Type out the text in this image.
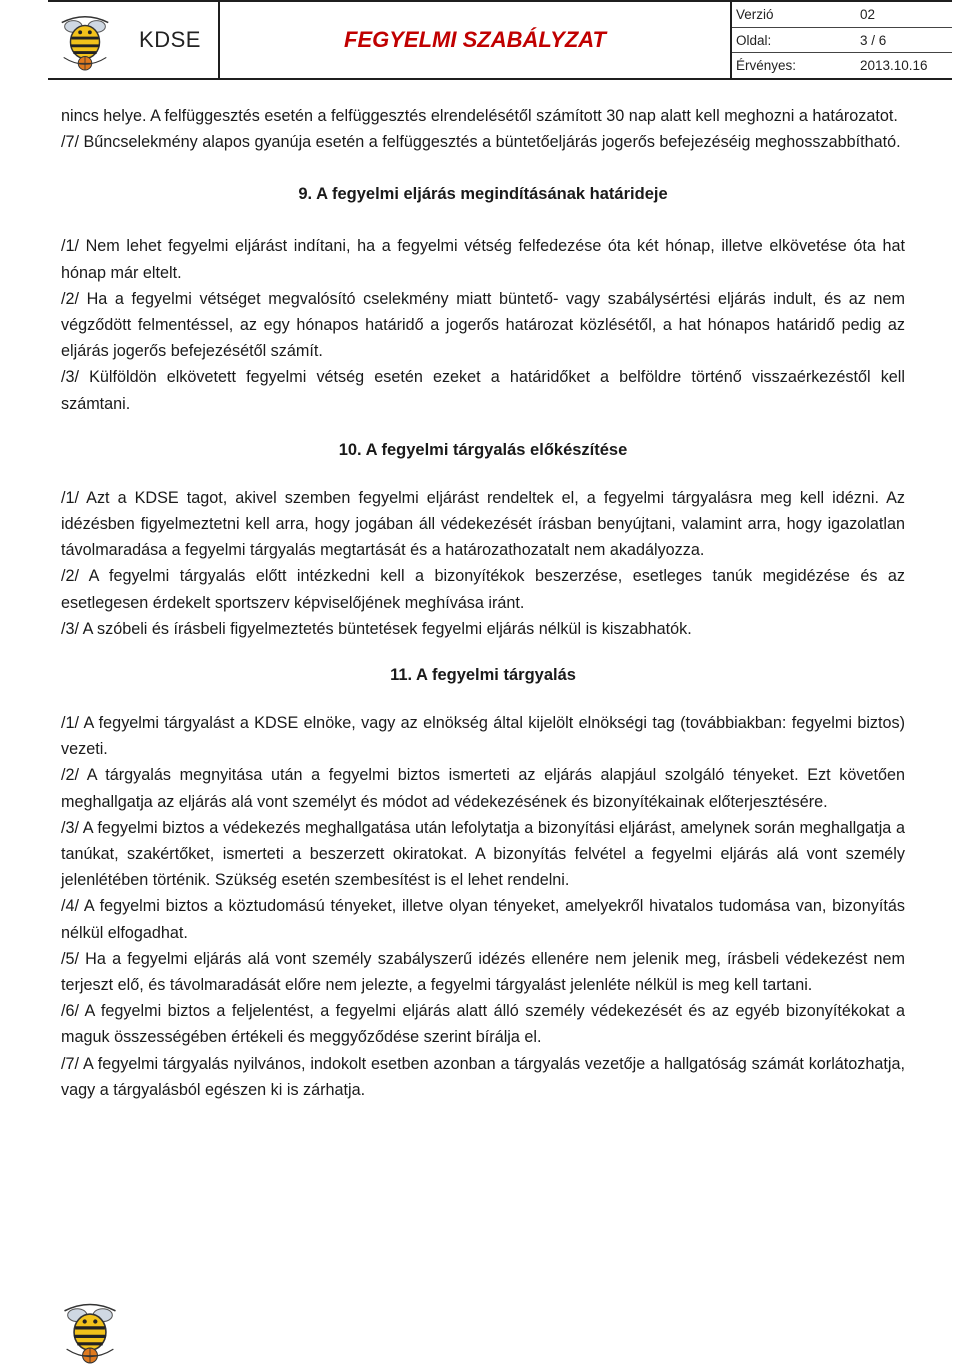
KDSE	FEGYELMI SZABÁLYZAT
Verzió	02
Oldal:	3 / 6
Érvényes:	2013.10.16

nincs helye. A felfüggesztés esetén a felfüggesztés elrendelésétől számított 30 nap alatt kell meghozni a határozatot.

/7/ Bűncselekmény alapos gyanúja esetén a felfüggesztés a büntetőeljárás jogerős befejezéséig meghosszabbítható.

9. A fegyelmi eljárás megindításának határideje

/1/ Nem lehet fegyelmi eljárást indítani, ha a fegyelmi vétség felfedezése óta két hónap, illetve elkövetése óta hat hónap már eltelt.

/2/ Ha a fegyelmi vétséget megvalósító cselekmény miatt büntető- vagy szabálysértési eljárás indult, és az nem végződött felmentéssel, az egy hónapos határidő a jogerős határozat közlésétől, a hat hónapos határidő pedig az eljárás jogerős befejezésétől számít.

/3/ Külföldön elkövetett fegyelmi vétség esetén ezeket a határidőket a belföldre történő visszaérkezéstől kell számtani.

10. A fegyelmi tárgyalás előkészítése

/1/ Azt a KDSE tagot, akivel szemben fegyelmi eljárást rendeltek el, a fegyelmi tárgyalásra meg kell idézni. Az idézésben figyelmeztetni kell arra, hogy jogában áll védekezését írásban benyújtani, valamint arra, hogy igazolatlan távolmaradása a fegyelmi tárgyalás megtartását és a határozathozatalt nem akadályozza.

/2/ A fegyelmi tárgyalás előtt intézkedni kell a bizonyítékok beszerzése, esetleges tanúk megidézése és az esetlegesen érdekelt sportszerv képviselőjének meghívása iránt.

/3/ A szóbeli és írásbeli figyelmeztetés büntetések fegyelmi eljárás nélkül is kiszabhatók.

11. A fegyelmi tárgyalás

/1/ A fegyelmi tárgyalást a KDSE elnöke, vagy az elnökség által kijelölt elnökségi tag (továbbiakban: fegyelmi biztos) vezeti.

/2/ A tárgyalás megnyitása után a fegyelmi biztos ismerteti az eljárás alapjául szolgáló tényeket. Ezt követően meghallgatja az eljárás alá vont személyt és módot ad védekezésének és bizonyítékainak előterjesztésére.

/3/ A fegyelmi biztos a védekezés meghallgatása után lefolytatja a bizonyítási eljárást, amelynek során meghallgatja a tanúkat, szakértőket, ismerteti a beszerzett okiratokat. A bizonyítás felvétel a fegyelmi eljárás alá vont személy jelenlétében történik. Szükség esetén szembesítést is el lehet rendelni.

/4/ A fegyelmi biztos a köztudomású tényeket, illetve olyan tényeket, amelyekről hivatalos tudomása van, bizonyítás nélkül elfogadhat.

/5/ Ha a fegyelmi eljárás alá vont személy szabályszerű idézés ellenére nem jelenik meg, írásbeli védekezést nem terjeszt elő, és távolmaradását előre nem jelezte, a fegyelmi tárgyalást jelenléte nélkül is meg kell tartani.

/6/ A fegyelmi biztos a feljelentést, a fegyelmi eljárás alatt álló személy védekezését és az egyéb bizonyítékokat a maguk összességében értékeli és meggyőződése szerint bírálja el.

/7/ A fegyelmi tárgyalás nyilvános, indokolt esetben azonban a tárgyalás vezetője a hallgatóság számát korlátozhatja, vagy a tárgyalásból egészen ki is zárhatja.
